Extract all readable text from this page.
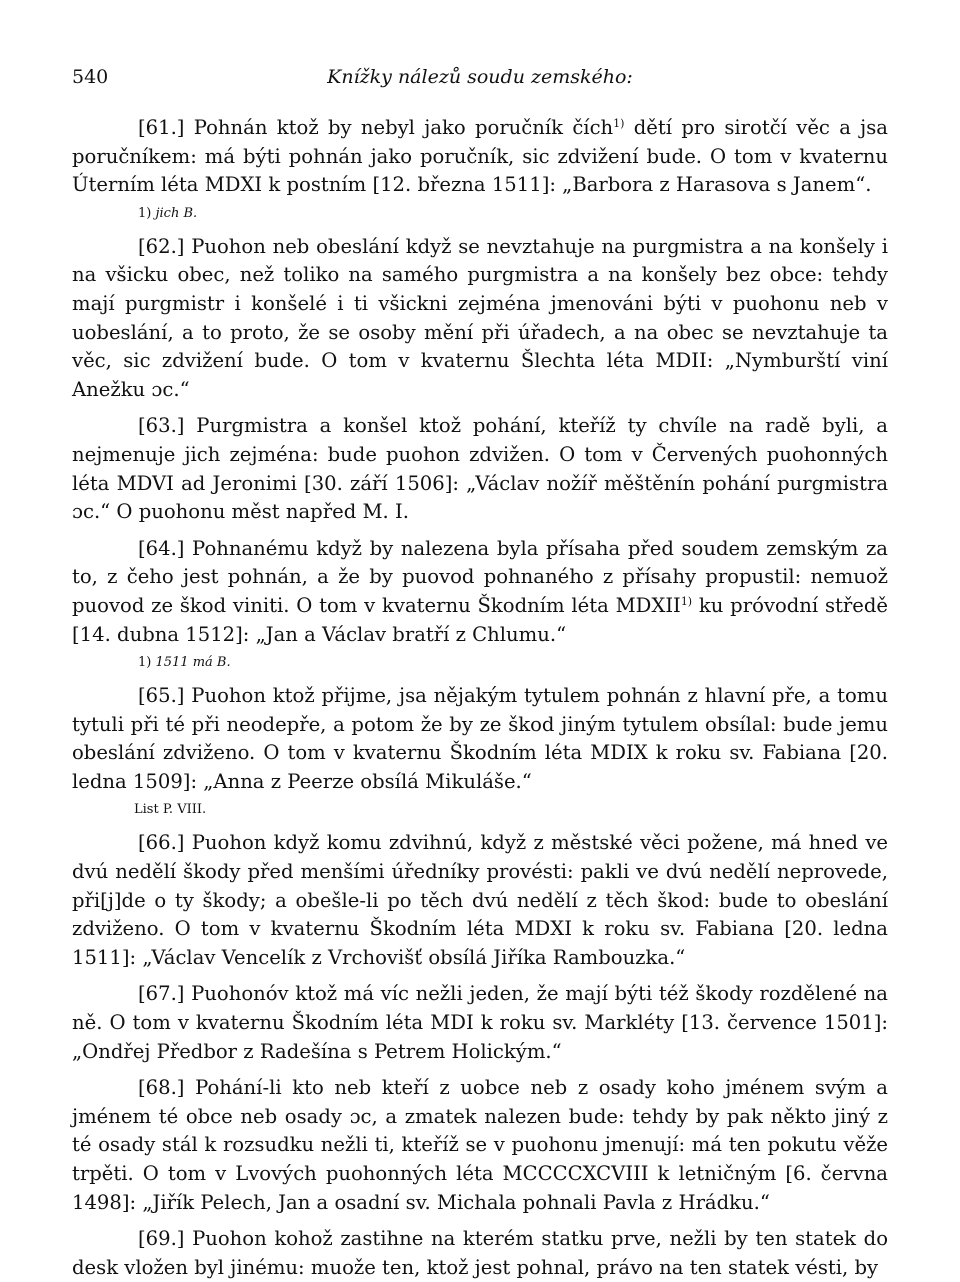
540	Knížky nálezů soudu zemského:

[61.] Pohnán ktož by nebyl jako poručník čích$^{1)}$ dětí pro sirotčí věc a jsa poručníkem: má býti pohnán jako poručník, sic zdvižení bude. O tom v kvaternu Úterním léta MDXI k postním [12. března 1511]: „Barbora z Harasova s Janem“.

1) jich B.

[62.] Puohon neb obeslání když se nevztahuje na purgmistra a na konšely i na všicku obec, než toliko na samého purgmistra a na konšely bez obce: tehdy mají purgmistr i konšelé i ti všickni zejména jmenováni býti v puohonu neb v uobeslání, a to proto, že se osoby mění při úřadech, a na obec se nevztahuje ta věc, sic zdvižení bude. O tom v kvaternu Šlechta léta MDII: „Nymburští viní Anežku ɔc.“

[63.] Purgmistra a konšel ktož pohání, kteříž ty chvíle na radě byli, a nejmenuje jich zejména: bude puohon zdvižen. O tom v Červených puohonných léta MDVI ad Jeronimi [30. září 1506]: „Václav nožíř měštěnín pohání purgmistra ɔc.“ O puohonu měst napřed M. I.

[64.] Pohnanému když by nalezena byla přísaha před soudem zemským za to, z čeho jest pohnán, a že by puovod pohnaného z přísahy propustil: nemuož puovod ze škod viniti. O tom v kvaternu Škodním léta MDXII$^{1)}$ ku próvodní středě [14. dubna 1512]: „Jan a Václav bratří z Chlumu.“

1) 1511 má B.

[65.] Puohon ktož přijme, jsa nějakým tytulem pohnán z hlavní pře, a tomu tytuli při té při neodepře, a potom že by ze škod jiným tytulem obsílal: bude jemu obeslání zdviženo. O tom v kvaternu Škodním léta MDIX k roku sv. Fabiana [20. ledna 1509]: „Anna z Peerze obsílá Mikuláše.“

List P. VIII.

[66.] Puohon když komu zdvihnú, když z městské věci požene, má hned ve dvú nedělí škody před menšími úředníky provésti: pakli ve dvú nedělí neprovede, při[j]de o ty škody; a obešle-li po těch dvú nedělí z těch škod: bude to obeslání zdviženo. O tom v kvaternu Škodním léta MDXI k roku sv. Fabiana [20. ledna 1511]: „Václav Vencelík z Vrchovišť obsílá Jiříka Rambouzka.“

[67.] Puohonóv ktož má víc nežli jeden, že mají býti též škody rozdělené na ně. O tom v kvaternu Škodním léta MDI k roku sv. Markléty [13. července 1501]: „Ondřej Předbor z Radešína s Petrem Holickým.“

[68.] Pohání-li kto neb kteří z uobce neb z osady koho jménem svým a jménem té obce neb osady ɔc, a zmatek nalezen bude: tehdy by pak někto jiný z té osady stál k rozsudku nežli ti, kteříž se v puohonu jmenují: má ten pokutu věže trpěti. O tom v Lvových puohonných léta MCCCCXCVIII k letničným [6. června 1498]: „Jiřík Pelech, Jan a osadní sv. Michala pohnali Pavla z Hrádku.“

[69.] Puohon kohož zastihne na kterém statku prve, nežli by ten statek do desk vložen byl jinému: muože ten, ktož jest pohnal, právo na ten statek vésti, by
